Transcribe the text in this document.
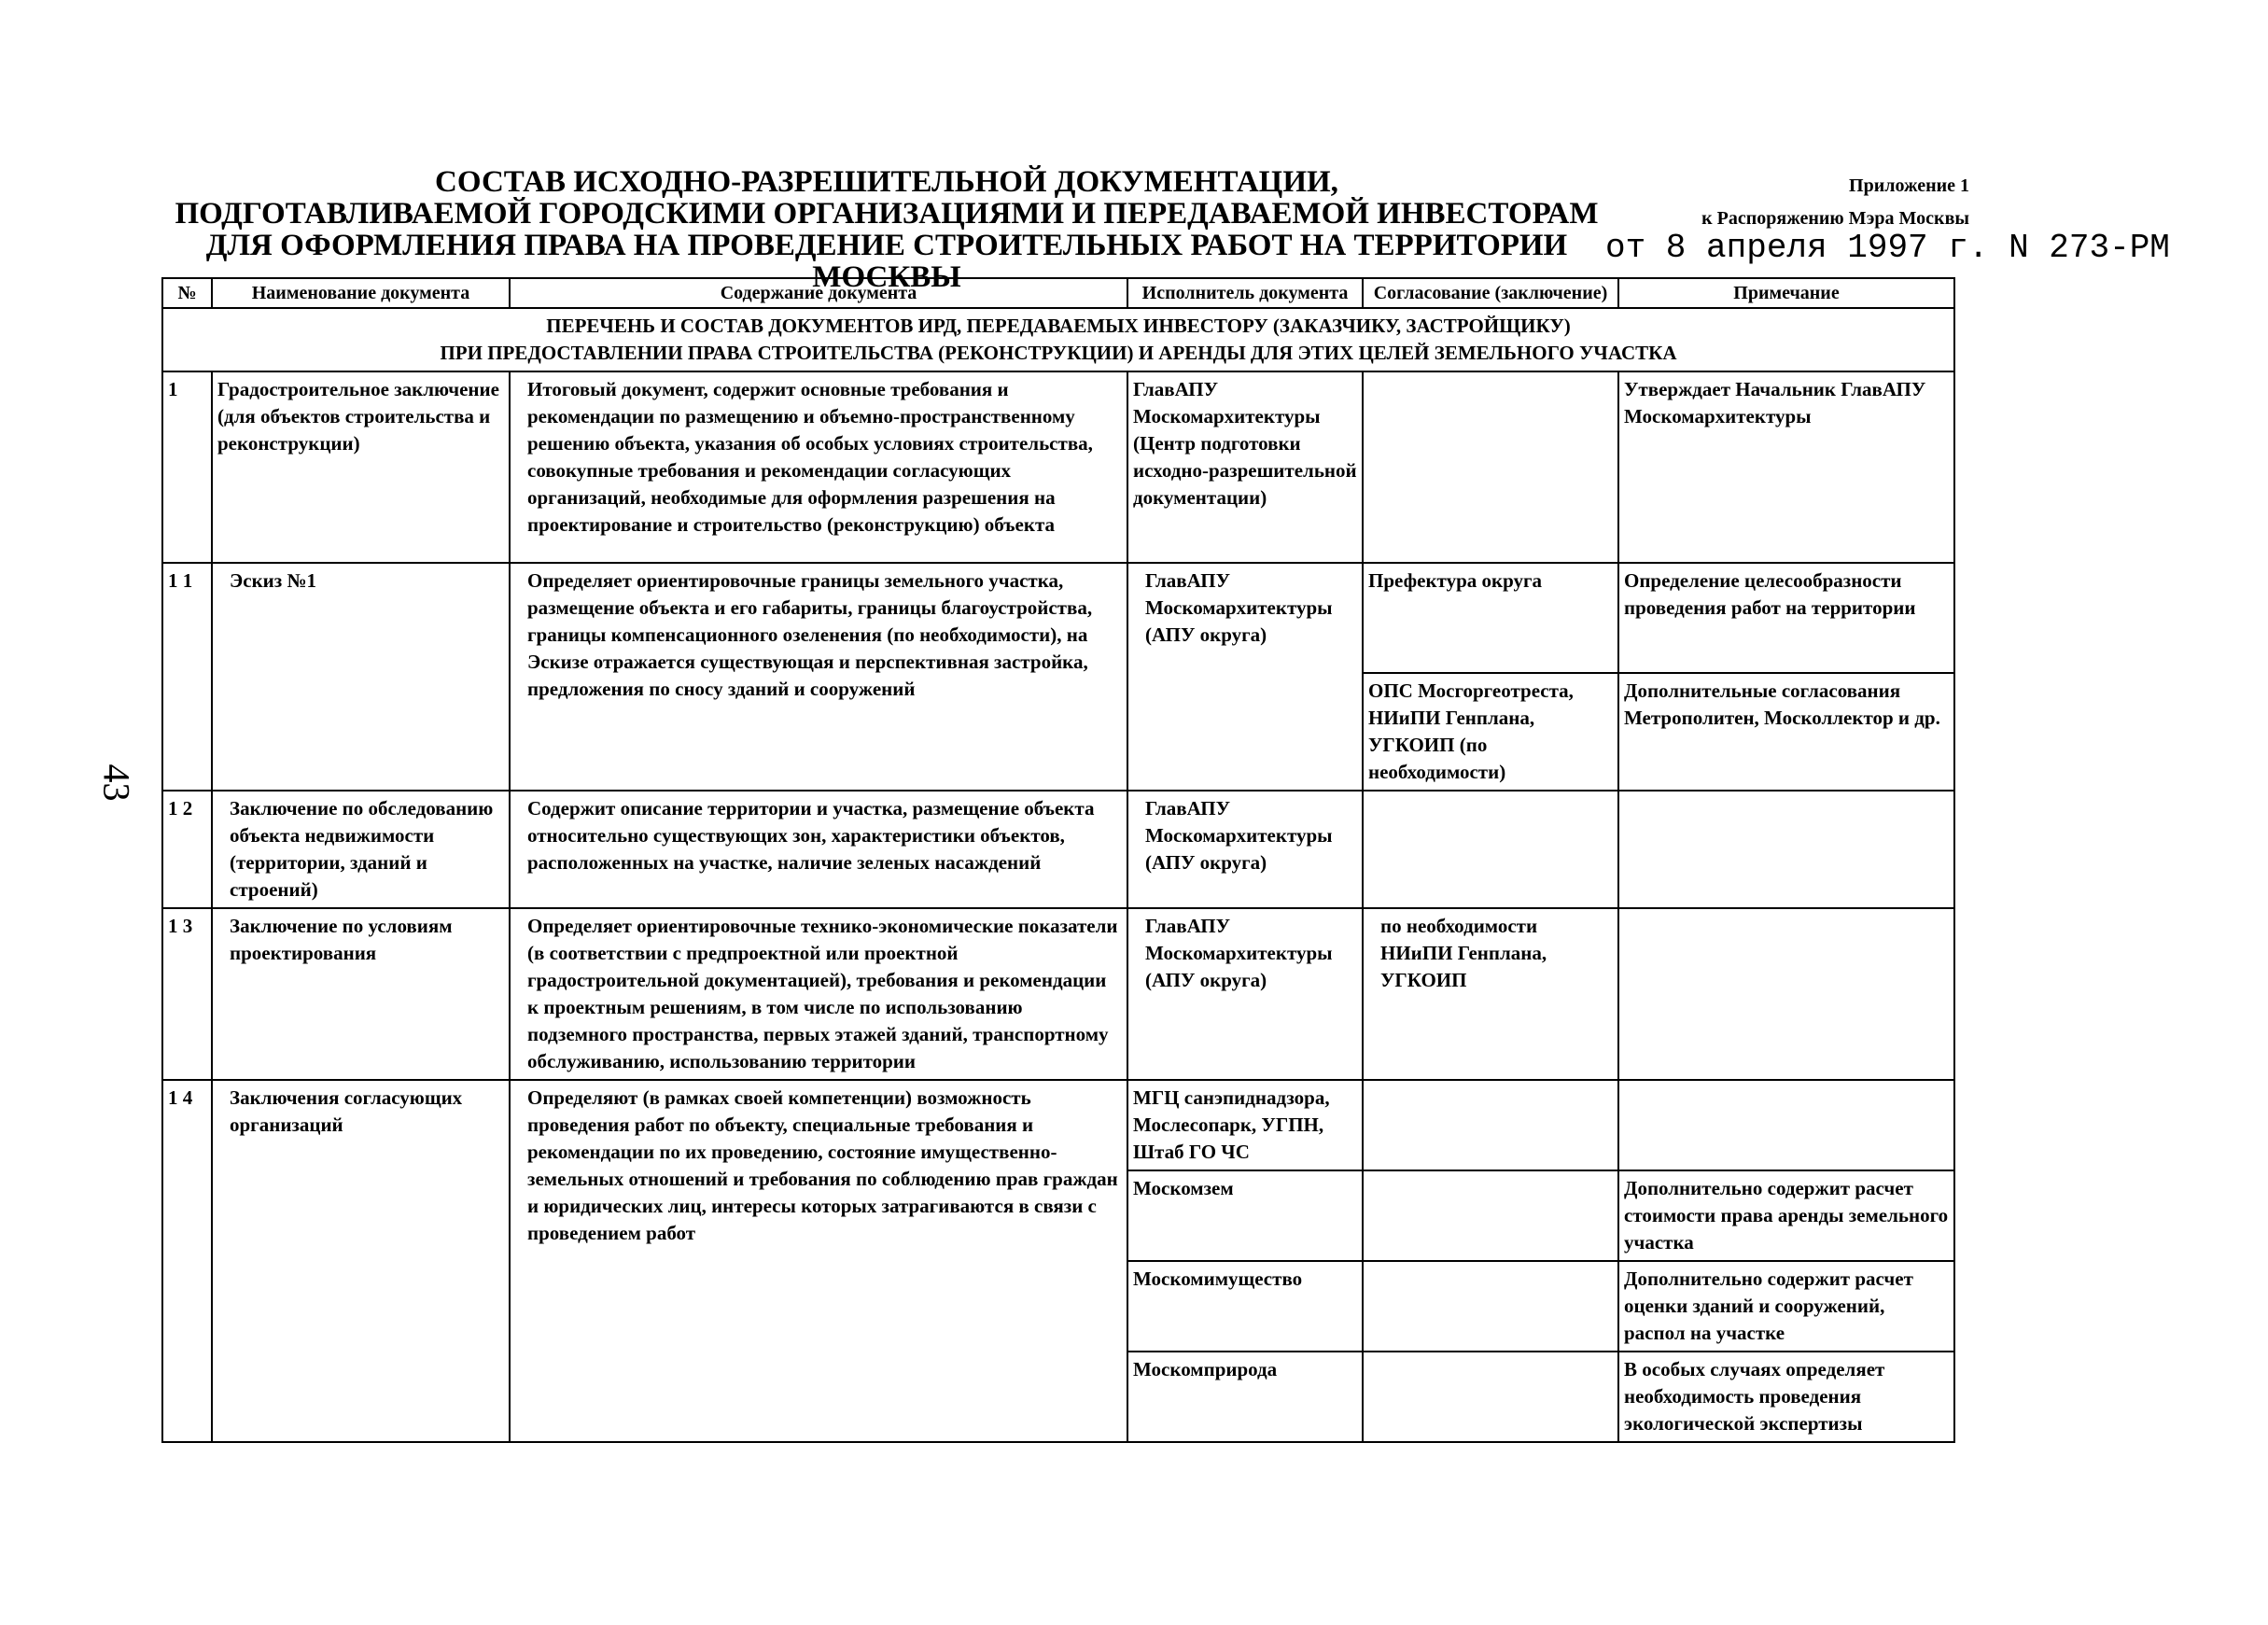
43
СОСТАВ ИСХОДНО-РАЗРЕШИТЕЛЬНОЙ ДОКУМЕНТАЦИИ,
ПОДГОТАВЛИВАЕМОЙ ГОРОДСКИМИ ОРГАНИЗАЦИЯМИ И ПЕРЕДАВАЕМОЙ ИНВЕСТОРАМ
ДЛЯ ОФОРМЛЕНИЯ ПРАВА НА ПРОВЕДЕНИЕ СТРОИТЕЛЬНЫХ РАБОТ НА ТЕРРИТОРИИ МОСКВЫ
Приложение 1
к Распоряжению Мэра Москвы
от 8 апреля 1997 г. N 273-РМ
№	Наименование документа	Содержание документа	Исполнитель документа	Согласование (заключение)	Примечание

ПЕРЕЧЕНЬ И СОСТАВ ДОКУМЕНТОВ ИРД, ПЕРЕДАВАЕМЫХ ИНВЕСТОРУ (ЗАКАЗЧИКУ, ЗАСТРОЙЩИКУ)
ПРИ ПРЕДОСТАВЛЕНИИ ПРАВА СТРОИТЕЛЬСТВА (РЕКОНСТРУКЦИИ) И АРЕНДЫ ДЛЯ ЭТИХ ЦЕЛЕЙ ЗЕМЕЛЬНОГО УЧАСТКА					

1	Градостроительное заключение (для объектов строительства и реконструкции)	Итоговый документ, содержит основные требования и рекомендации по размещению и объемно-пространственному решению объекта, указания об особых условиях строительства, совокупные требования и рекомендации согласующих организаций, необходимые для оформления разрешения на проектирование и строительство (реконструкцию) объекта	ГлавАПУ Москомархитектуры (Центр подготовки исходно-разрешительной документации)		Утверждает Начальник ГлавАПУ Москомархитектуры
1 1	Эскиз №1	Определяет ориентировочные границы земельного участка, размещение объекта и его габариты, границы благоустройства, границы компенсационного озеленения (по необходимости), на Эскизе отражается существующая и перспективная застройка, предложения по сносу зданий и сооружений	ГлавАПУ Москомархитектуры (АПУ округа)	Префектура округа	Определение целесообразности проведения работ на территории
				ОПС Мосгоргеотреста, НИиПИ Генплана, УГКОИП (по необходимости)	Дополнительные согласования Метрополитен, Москоллектор и др.
1 2	Заключение по обследованию объекта недвижимости (территории, зданий и строений)	Содержит описание территории и участка, размещение объекта относительно существующих зон, характеристики объектов, расположенных на участке, наличие зеленых насаждений	ГлавАПУ Москомархитектуры (АПУ округа)		
1 3	Заключение по условиям проектирования	Определяет ориентировочные технико-экономические показатели (в соответствии с предпроектной или проектной градостроительной документацией), требования и рекомендации к проектным решениям, в том числе по использованию подземного пространства, первых этажей зданий, транспортному обслуживанию, использованию территории	ГлавАПУ Москомархитектуры (АПУ округа)	по необходимости НИиПИ Генплана, УГКОИП	
1 4	Заключения согласующих организаций	Определяют (в рамках своей компетенции) возможность проведения работ по объекту, специальные требования и рекомендации по их проведению, состояние имущественно-земельных отношений и требования по соблюдению прав граждан и юридических лиц, интересы которых затрагиваются в связи с проведением работ	МГЦ санэпиднадзора, Мослесопарк, УГПН, Штаб ГО ЧС		
			Москомзем		Дополнительно содержит расчет стоимости права аренды земельного участка
			Москомимущество		Дополнительно содержит расчет оценки зданий и сооружений, распол на участке
			Москомприрода		В особых случаях определяет необходимость проведения экологической экспертизы
